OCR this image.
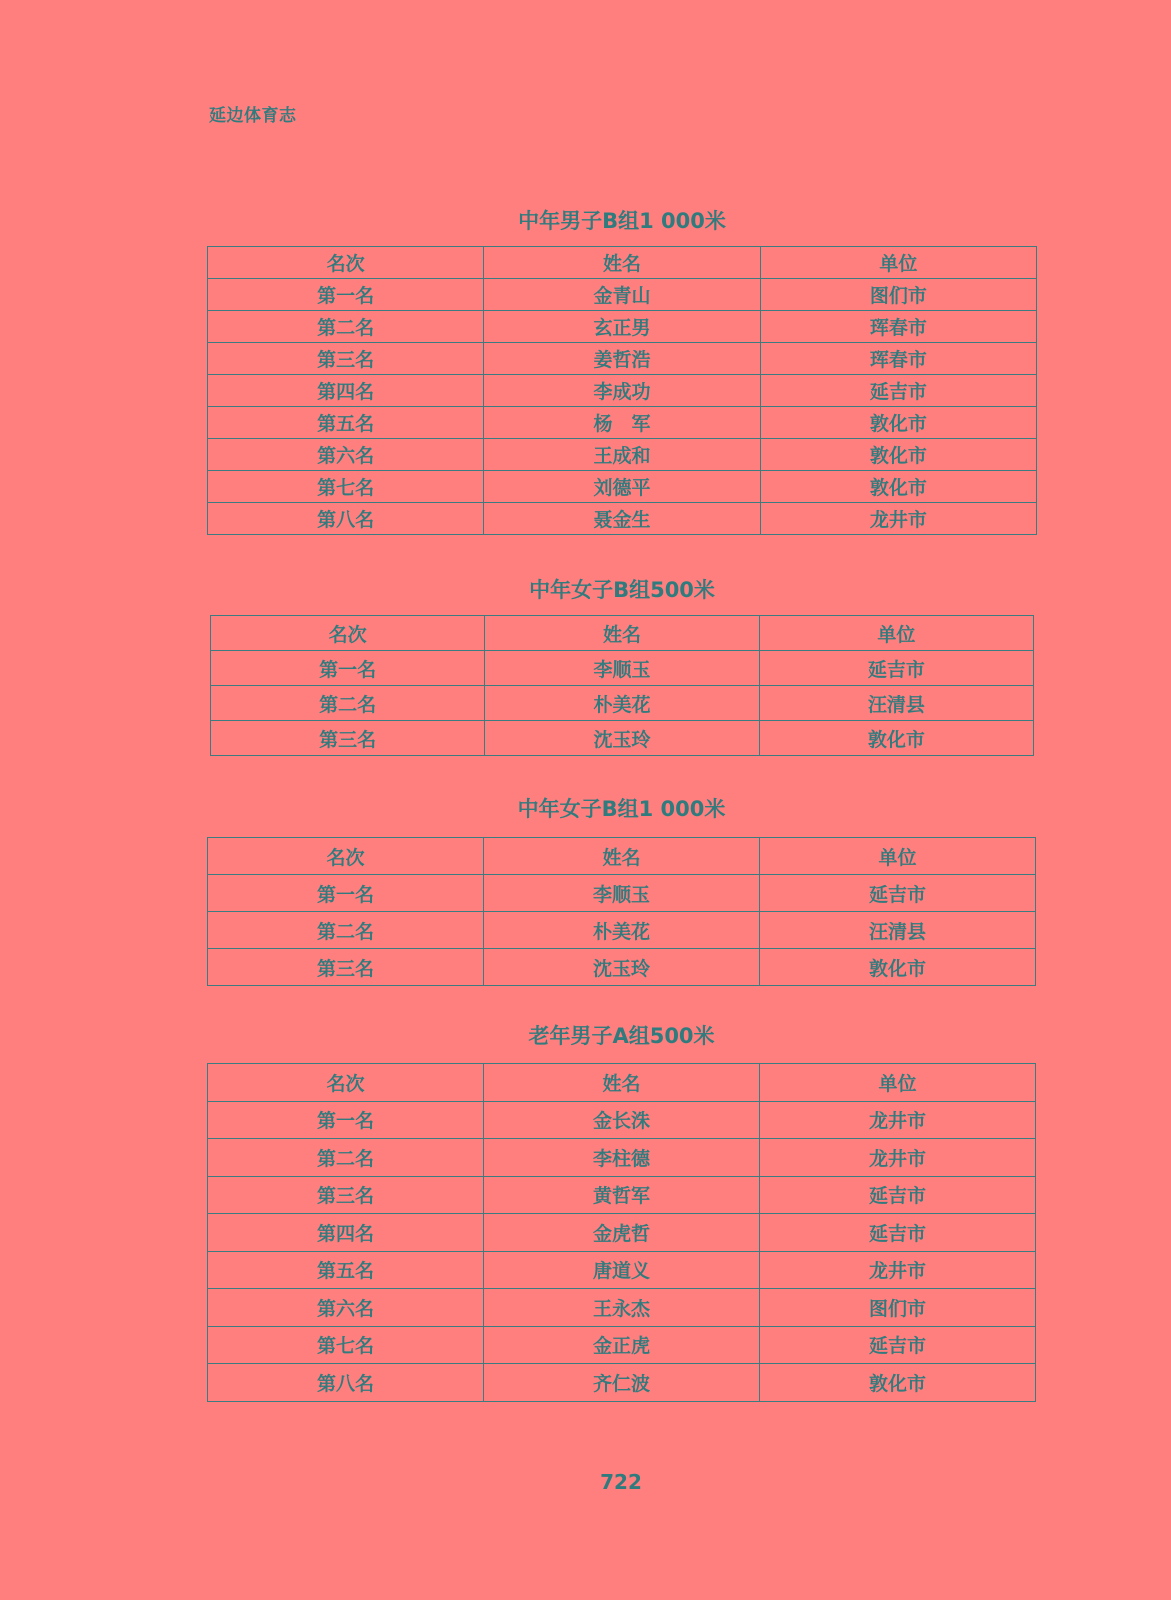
延边体育志
中年男子B组1 000米
名次	姓名	单位
第一名	金青山	图们市
第二名	玄正男	珲春市
第三名	姜哲浩	珲春市
第四名	李成功	延吉市
第五名	杨　军	敦化市
第六名	王成和	敦化市
第七名	刘德平	敦化市
第八名	聂金生	龙井市
中年女子B组500米
名次	姓名	单位
第一名	李顺玉	延吉市
第二名	朴美花	汪清县
第三名	沈玉玲	敦化市
中年女子B组1 000米
名次	姓名	单位
第一名	李顺玉	延吉市
第二名	朴美花	汪清县
第三名	沈玉玲	敦化市
老年男子A组500米
名次	姓名	单位
第一名	金长洙	龙井市
第二名	李柱德	龙井市
第三名	黄哲军	延吉市
第四名	金虎哲	延吉市
第五名	唐道义	龙井市
第六名	王永杰	图们市
第七名	金正虎	延吉市
第八名	齐仁波	敦化市
722
